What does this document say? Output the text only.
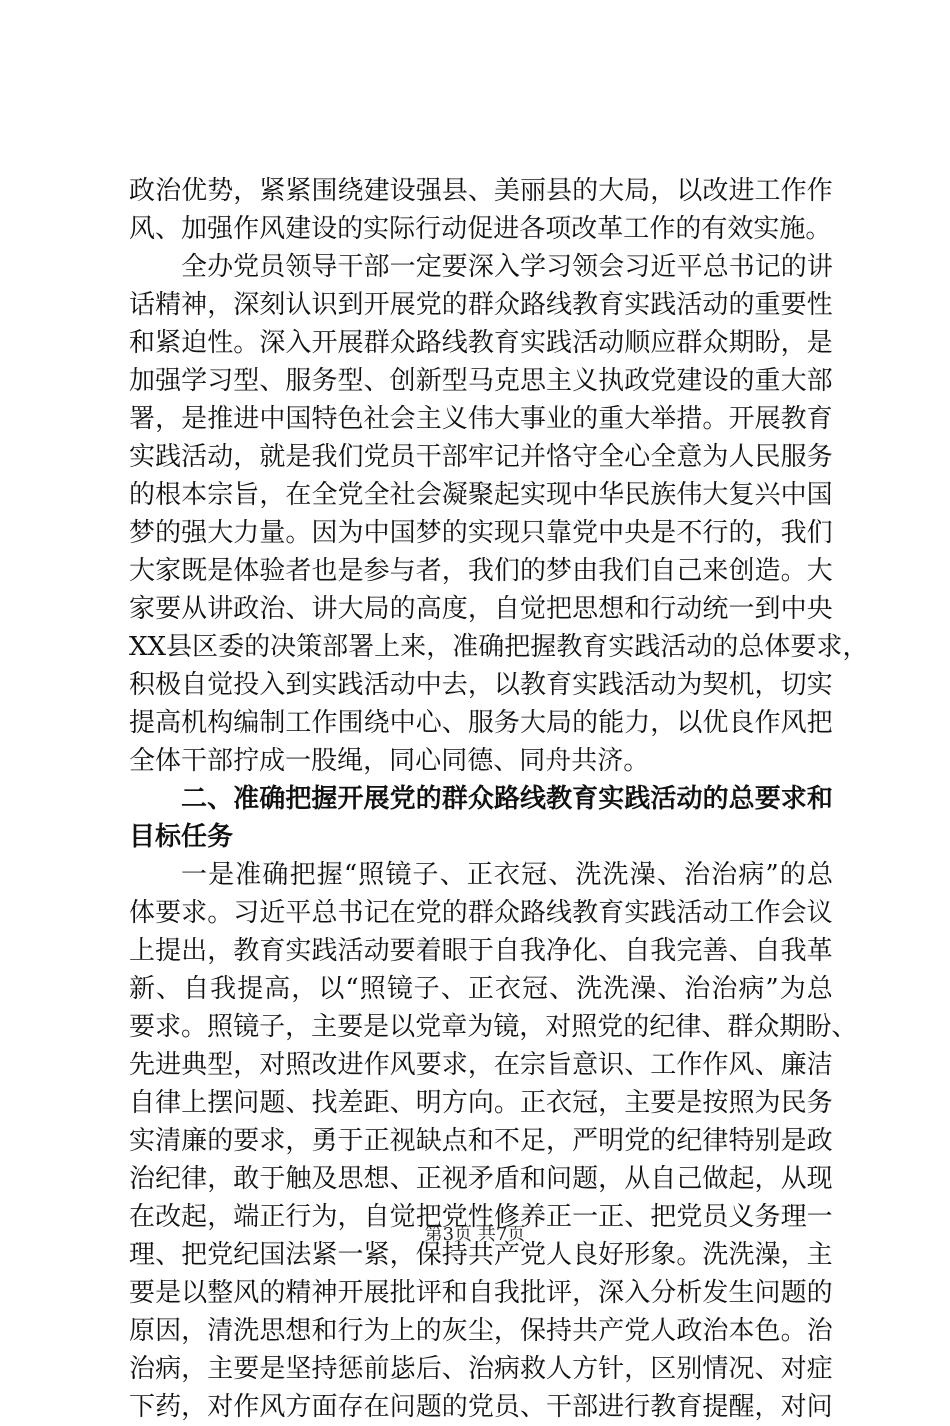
政 治 优 势 ， 紧 紧 围 绕 建 设 强 县 、 美 丽 县 的 大 局 ， 以 改 进 工 作 作
风 、 加 强 作 风 建 设 的 实 际 行 动 促 进 各 项 改 革 工 作 的 有 效 实 施 。
全 办 党 员 领 导 干 部 一 定 要 深 入 学 习 领 会 习 近 平 总 书 记 的 讲
话 精 神 ， 深 刻 认 识 到 开 展 党 的 群 众 路 线 教 育 实 践 活 动 的 重 要 性
和 紧 迫 性 。 深 入 开 展 群 众 路 线 教 育 实 践 活 动 顺 应 群 众 期 盼 ， 是
加 强 学 习 型 、 服 务 型 、 创 新 型 马 克 思 主 义 执 政 党 建 设 的 重 大 部
署 ， 是 推 进 中 国 特 色 社 会 主 义 伟 大 事 业 的 重 大 举 措 。 开 展 教 育
实 践 活 动 ， 就 是 我 们 党 员 干 部 牢 记 并 恪 守 全 心 全 意 为 人 民 服 务
的 根 本 宗 旨 ， 在 全 党 全 社 会 凝 聚 起 实 现 中 华 民 族 伟 大 复 兴 中 国
梦 的 强 大 力 量 。 因 为 中 国 梦 的 实 现 只 靠 党 中 央 是 不 行 的 ， 我 们
大 家 既 是 体 验 者 也 是 参 与 者 ， 我 们 的 梦 由 我 们 自 己 来 创 造 。 大
家 要 从 讲 政 治 、 讲 大 局 的 高 度 ， 自 觉 把 思 想 和 行 动 统 一 到 中 央
X X 县 区 委 的 决 策 部 署 上 来 ， 准 确 把 握 教 育 实 践 活 动 的 总 体 要 求 ，
积 极 自 觉 投 入 到 实 践 活 动 中 去 ， 以 教 育 实 践 活 动 为 契 机 ， 切 实
提 高 机 构 编 制 工 作 围 绕 中 心 、 服 务 大 局 的 能 力 ， 以 优 良 作 风 把
全 体 干 部 拧 成 一 股 绳 ， 同 心 同 德 、 同 舟 共 济 。
二 、 准 确 把 握 开 展 党 的 群 众 路 线 教 育 实 践 活 动 的 总 要 求 和
目 标 任 务
一 是 准 确 把 握 “ 照 镜 子 、 正 衣 冠 、 洗 洗 澡 、 治 治 病 ” 的 总
体 要 求 。 习 近 平 总 书 记 在 党 的 群 众 路 线 教 育 实 践 活 动 工 作 会 议
上 提 出 ， 教 育 实 践 活 动 要 着 眼 于 自 我 净 化 、 自 我 完 善 、 自 我 革
新 、 自 我 提 高 ， 以 “ 照 镜 子 、 正 衣 冠 、 洗 洗 澡 、 治 治 病 ” 为 总
要 求 。 照 镜 子 ， 主 要 是 以 党 章 为 镜 ， 对 照 党 的 纪 律 、 群 众 期 盼 、
先 进 典 型 ， 对 照 改 进 作 风 要 求 ， 在 宗 旨 意 识 、 工 作 作 风 、 廉 洁
自 律 上 摆 问 题 、 找 差 距 、 明 方 向 。 正 衣 冠 ， 主 要 是 按 照 为 民 务
实 清 廉 的 要 求 ， 勇 于 正 视 缺 点 和 不 足 ， 严 明 党 的 纪 律 特 别 是 政
治 纪 律 ， 敢 于 触 及 思 想 、 正 视 矛 盾 和 问 题 ， 从 自 己 做 起 ， 从 现
在 改 起 ， 端 正 行 为 ， 自 觉 把 党 性 修 养 正 一 正 、 把 党 员 义 务 理 一
理 、 把 党 纪 国 法 紧 一 紧 ， 保 持 共 产 党 人 良 好 形 象 。 洗 洗 澡 ， 主
要 是 以 整 风 的 精 神 开 展 批 评 和 自 我 批 评 ， 深 入 分 析 发 生 问 题 的
原 因 ， 清 洗 思 想 和 行 为 上 的 灰 尘 ， 保 持 共 产 党 人 政 治 本 色 。 治
治 病 ， 主 要 是 坚 持 惩 前 毖 后 、 治 病 救 人 方 针 ， 区 别 情 况 、 对 症
下 药 ， 对 作 风 方 面 存 在 问 题 的 党 员 、 干 部 进 行 教 育 提 醒 ， 对 问
第3页 共7页
